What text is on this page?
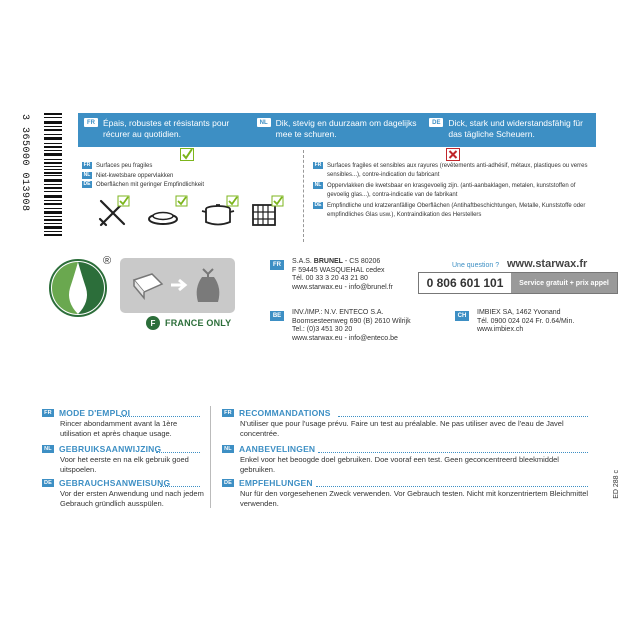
3 365000 013908	FR Épais, robustes et résistants pour récurer au quotidien.
NL Dik, stevig en duurzaam om dagelijks mee te schuren.
DE Dick, stark und widerstandsfähig für das tägliche Scheuern.
FR Surfaces peu fragiles
NL Niet-kwetsbare oppervlakken
DE Oberflächen mit geringer Empfindlichkeit
FR Surfaces fragiles et sensibles aux rayures (revêtements anti-adhésif, métaux, plastiques ou verres sensibles...), contre-indication du fabricant
NL Oppervlakken die kwetsbaar en krasgevoelig zijn. (anti-aanbaklagen, metalen, kunststoffen of gevoelig glas...), contra-indicatie van de fabrikant
DE Empfindliche und kratzeranfällige Oberflächen (Antihaftbeschichtungen, Metalle, Kunststoffe oder empfindliches Glas usw.), Kontraindikation des Herstellers
®
F	FRANCE ONLY
FR	S.A.S. BRUNEL - CS 80206
F 59445 WASQUEHAL cedex
Tél. 00 33 3 20 43 21 80
www.starwax.eu - info@brunel.fr
BE	INV./IMP.: N.V. ENTECO S.A.
Boomsesteenweg 690 (B) 2610 Wilrijk
Tel.: (0)3 451 30 20
www.starwax.eu - info@enteco.be
CH	IMBIEX SA, 1462 Yvonand
Tél. 0900 024 024 Fr. 0.64/Min.
www.imbiex.ch
Une question ? www.starwax.fr
0 806 601 101	Service gratuit + prix appel
FR MODE D'EMPLOI
Rincer abondamment avant la 1ère utilisation et après chaque usage.
NL GEBRUIKSAANWIJZING
Voor het eerste en na elk gebruik goed uitspoelen.
DE GEBRAUCHSANWEISUNG
Vor der ersten Anwendung und nach jedem Gebrauch gründlich ausspülen.
FR RECOMMANDATIONS
N'utiliser que pour l'usage prévu. Faire un test au préalable. Ne pas utiliser avec de l'eau de Javel concentrée.
NL AANBEVELINGEN
Enkel voor het beoogde doel gebruiken. Doe vooraf een test. Geen geconcentreerd bleekmiddel gebruiken.
DE EMPFEHLUNGEN
Nur für den vorgesehenen Zweck verwenden. Vor Gebrauch testen. Nicht mit konzentriertem Bleichmittel verwenden.
ED 288 c
